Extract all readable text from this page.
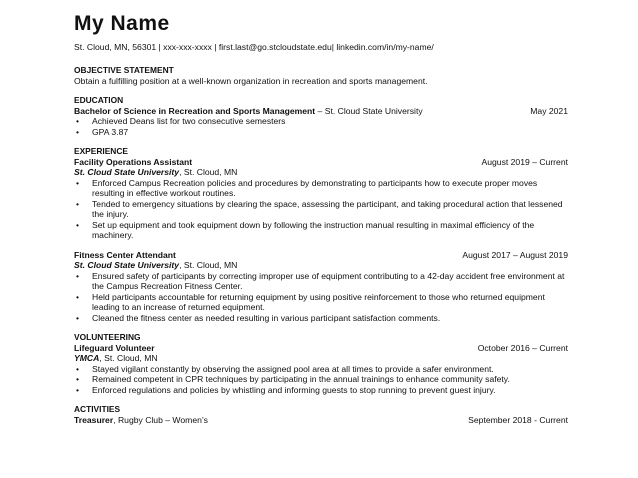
My Name
St. Cloud, MN, 56301 | xxx-xxx-xxxx | first.last@go.stcloudstate.edu| linkedin.com/in/my-name/
OBJECTIVE STATEMENT
Obtain a fulfilling position at a well-known organization in recreation and sports management.
EDUCATION
Bachelor of Science in Recreation and Sports Management – St. Cloud State University	May 2021
• Achieved Deans list for two consecutive semesters
• GPA 3.87
EXPERIENCE
Facility Operations Assistant	August 2019 – Current
St. Cloud State University, St. Cloud, MN
• Enforced Campus Recreation policies and procedures by demonstrating to participants how to execute proper moves resulting in effective workout routines.
• Tended to emergency situations by clearing the space, assessing the participant, and taking procedural action that lessened the injury.
• Set up equipment and took equipment down by following the instruction manual resulting in maximal efficiency of the machinery.
Fitness Center Attendant	August 2017 – August 2019
St. Cloud State University, St. Cloud, MN
• Ensured safety of participants by correcting improper use of equipment contributing to a 42-day accident free environment at the Campus Recreation Fitness Center.
• Held participants accountable for returning equipment by using positive reinforcement to those who returned equipment leading to an increase of returned equipment.
• Cleaned the fitness center as needed resulting in various participant satisfaction comments.
VOLUNTEERING
Lifeguard Volunteer	October 2016 – Current
YMCA, St. Cloud, MN
• Stayed vigilant constantly by observing the assigned pool area at all times to provide a safer environment.
• Remained competent in CPR techniques by participating in the annual trainings to enhance community safety.
• Enforced regulations and policies by whistling and informing guests to stop running to prevent guest injury.
ACTIVITIES
Treasurer, Rugby Club – Women’s	September 2018 - Current
